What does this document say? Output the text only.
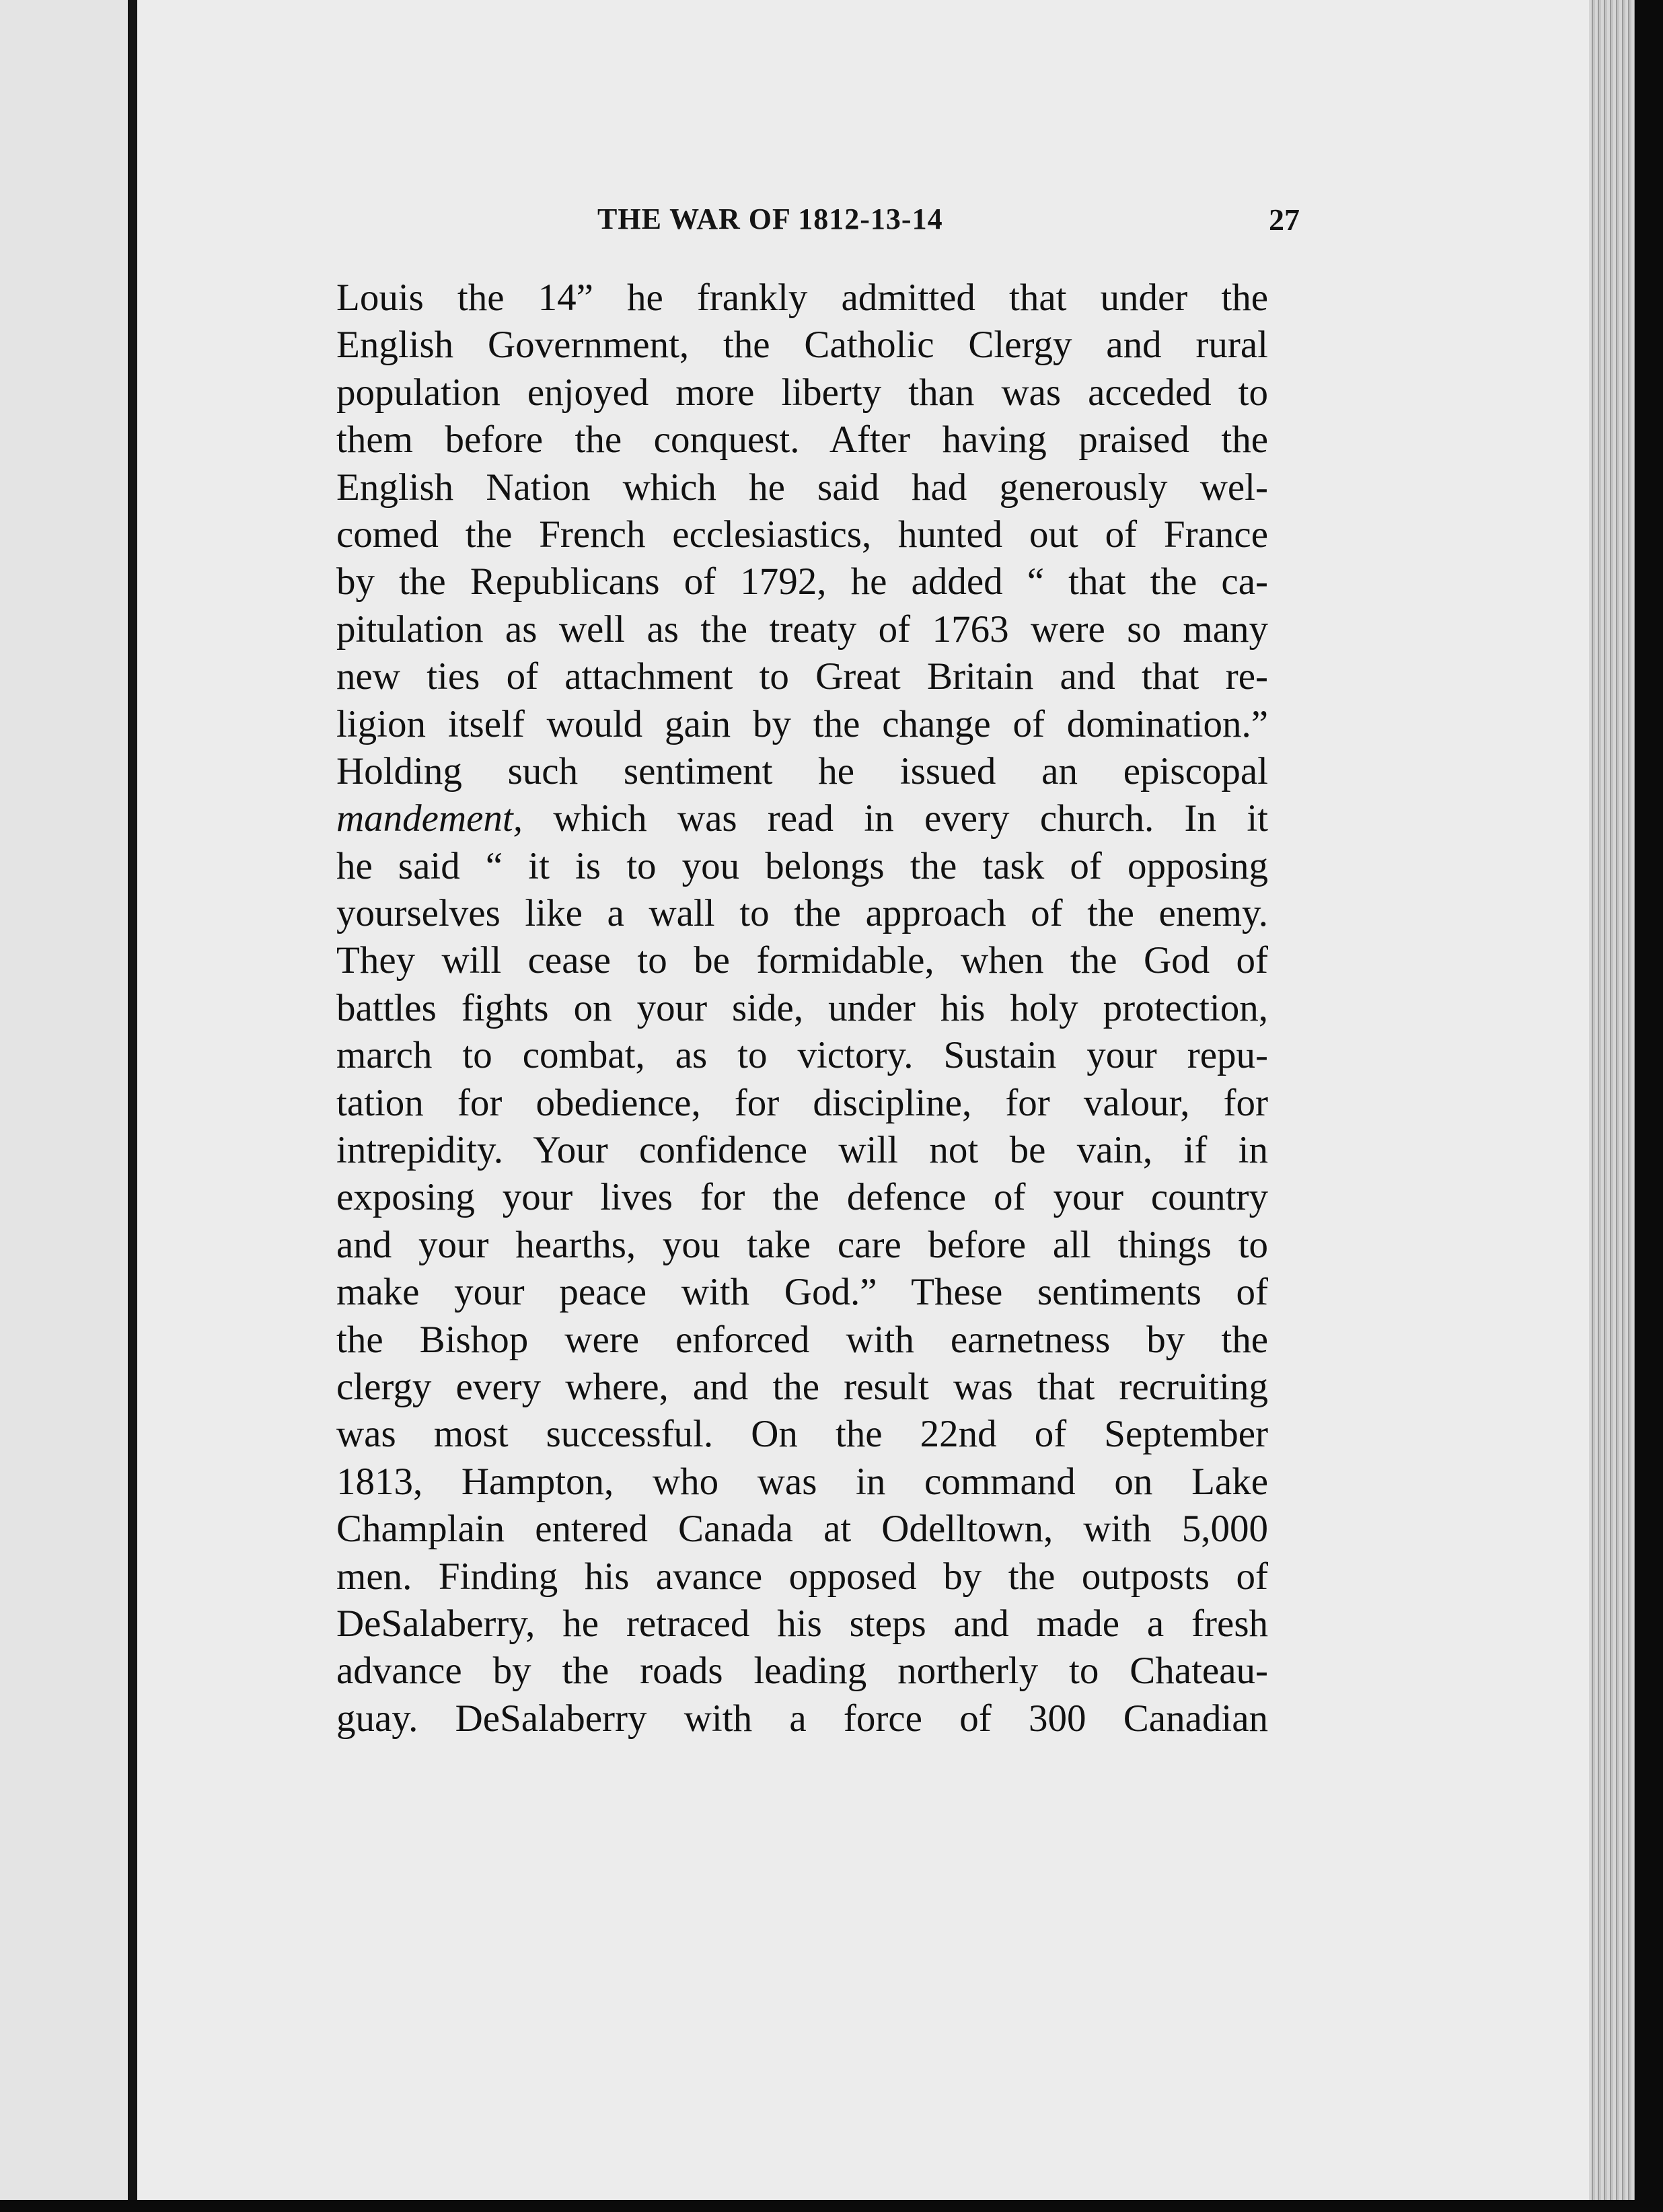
THE WAR OF 1812-13-14	27
Louis the 14” he frankly admitted that under the
English Government, the Catholic Clergy and rural
population enjoyed more liberty than was acceded to
them before the conquest. After having praised the
English Nation which he said had generously wel-
comed the French ecclesiastics, hunted out of France
by the Republicans of 1792, he added “ that the ca-
pitulation as well as the treaty of 1763 were so many
new ties of attachment to Great Britain and that re-
ligion itself would gain by the change of domination.”
Holding such sentiment he issued an episcopal
mandement, which was read in every church. In it
he said “ it is to you belongs the task of opposing
yourselves like a wall to the approach of the enemy.
They will cease to be formidable, when the God of
battles fights on your side, under his holy protection,
march to combat, as to victory. Sustain your repu-
tation for obedience, for discipline, for valour, for
intrepidity. Your confidence will not be vain, if in
exposing your lives for the defence of your country
and your hearths, you take care before all things to
make your peace with God.” These sentiments of
the Bishop were enforced with earnetness by the
clergy every where, and the result was that recruiting
was most successful. On the 22nd of September
1813, Hampton, who was in command on Lake
Champlain entered Canada at Odelltown, with 5,000
men. Finding his avance opposed by the outposts of
DeSalaberry, he retraced his steps and made a fresh
advance by the roads leading northerly to Chateau-
guay. DeSalaberry with a force of 300 Canadian
